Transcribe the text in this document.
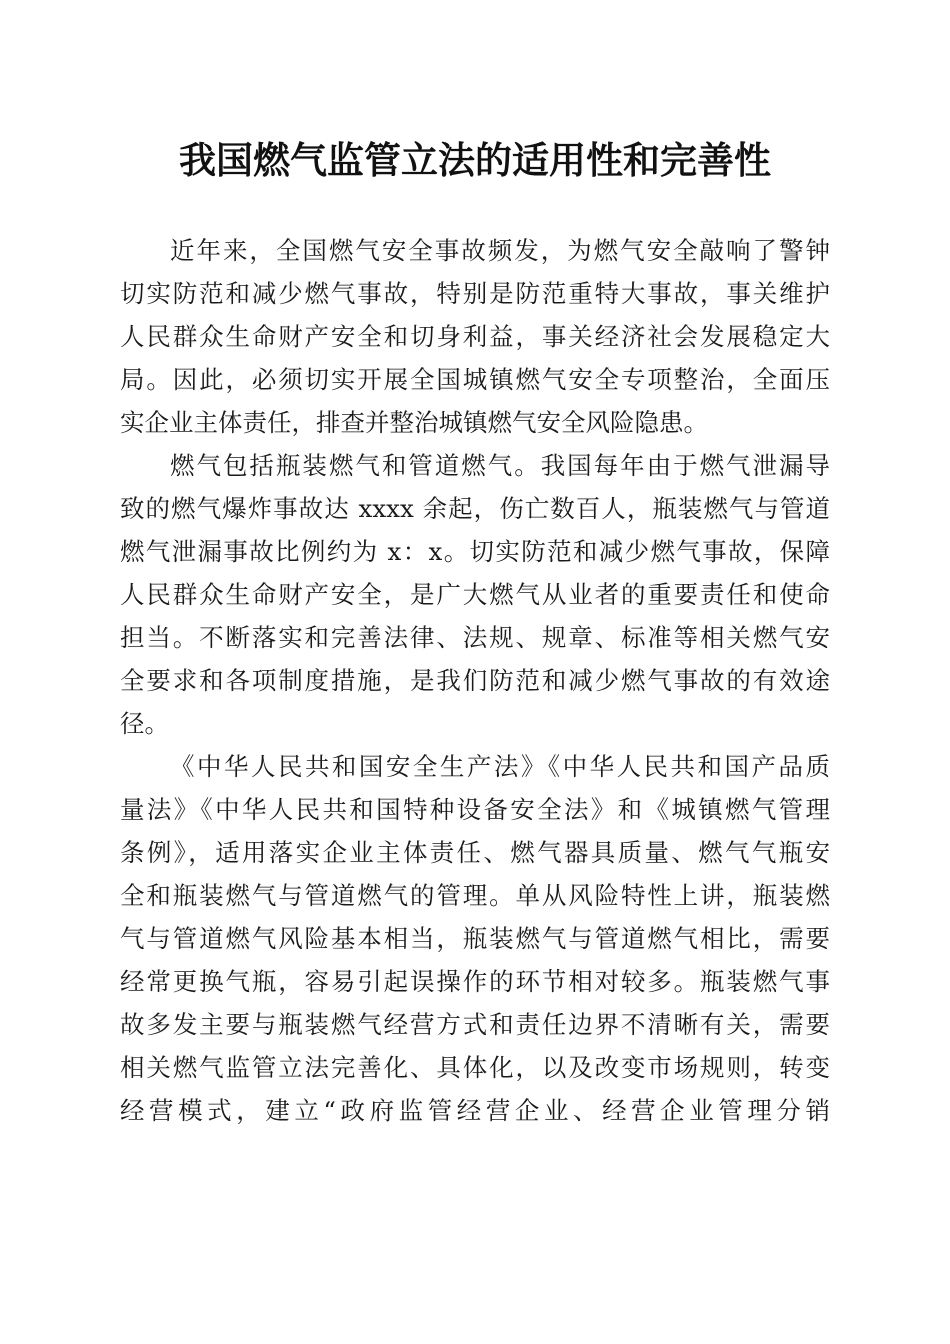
我国燃气监管立法的适用性和完善性
近年来，全国燃气安全事故频发，为燃气安全敲响了警钟
切实防范和减少燃气事故，特别是防范重特大事故，事关维护
人民群众生命财产安全和切身利益，事关经济社会发展稳定大
局。因此，必须切实开展全国城镇燃气安全专项整治，全面压
实企业主体责任，排查并整治城镇燃气安全风险隐患。
燃气包括瓶装燃气和管道燃气。我国每年由于燃气泄漏导
致的燃气爆炸事故达 xxxx 余起，伤亡数百人，瓶装燃气与管道
燃气泄漏事故比例约为 x：x。切实防范和减少燃气事故，保障
人民群众生命财产安全，是广大燃气从业者的重要责任和使命
担当。不断落实和完善法律、法规、规章、标准等相关燃气安
全要求和各项制度措施，是我们防范和减少燃气事故的有效途
径。
《中华人民共和国安全生产法》《中华人民共和国产品质
量法》《中华人民共和国特种设备安全法》和《城镇燃气管理
条例》，适用落实企业主体责任、燃气器具质量、燃气气瓶安
全和瓶装燃气与管道燃气的管理。单从风险特性上讲，瓶装燃
气与管道燃气风险基本相当，瓶装燃气与管道燃气相比，需要
经常更换气瓶，容易引起误操作的环节相对较多。瓶装燃气事
故多发主要与瓶装燃气经营方式和责任边界不清晰有关，需要
相关燃气监管立法完善化、具体化，以及改变市场规则，转变
经营模式，建立“政府监管经营企业、经营企业管理分销
